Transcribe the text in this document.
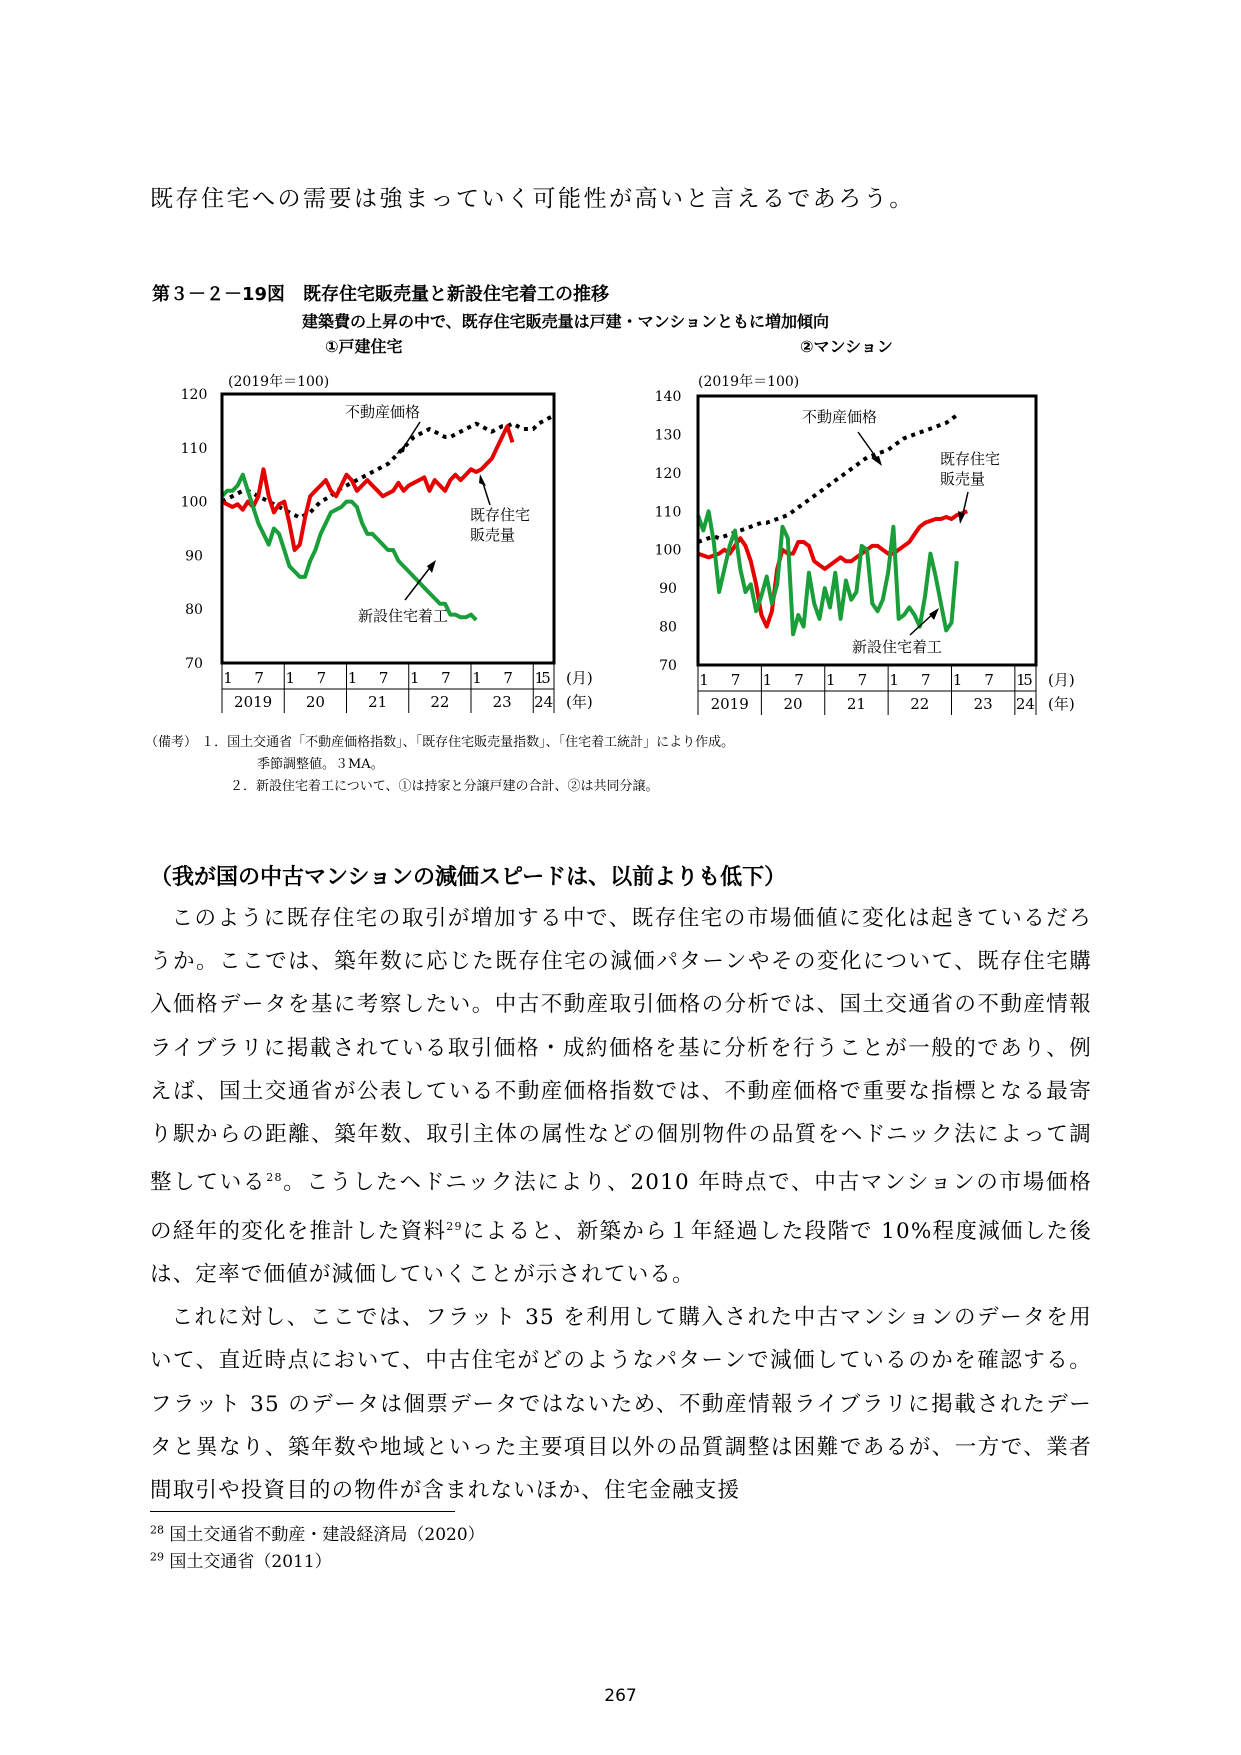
既存住宅への需要は強まっていく可能性が高いと言えるであろう。
第３－２－19図　既存住宅販売量と新設住宅着工の推移
建築費の上昇の中で、既存住宅販売量は戸建・マンションともに増加傾向
①戸建住宅	②マンション
(2019年＝100)
70
80
90
100
110
120
1 7 1 7 1 7 1 7 1 7 1
5
2019 20	21	22	23 24
(月)
(年)
不動産価格
既存住宅
販売量
新設住宅着工
(2019年＝100)
70
80
90
100
110
120
130
140
1 7 1 7 1 7 1 7 1 7 1
5
2019 20	21	22	23 24
(月)
(年)
不動産価格
既存住宅
販売量
新設住宅着工
（備考） １．国土交通省「不動産価格指数」、「既存住宅販売量指数」、「住宅着工統計」により作成。
季節調整値。３MA。
２．新設住宅着工について、①は持家と分譲戸建の合計、②は共同分譲。
（我が国の中古マンションの減価スピードは、以前よりも低下）

このように既存住宅の取引が増加する中で、既存住宅の市場価値に変化は起きているだろうか。ここでは、築年数に応じた既存住宅の減価パターンやその変化について、既存住宅購入価格データを基に考察したい。中古不動産取引価格の分析では、国土交通省の不動産情報ライブラリに掲載されている取引価格・成約価格を基に分析を行うことが一般的であり、例えば、国土交通省が公表している不動産価格指数では、不動産価格で重要な指標となる最寄り駅からの距離、築年数、取引主体の属性などの個別物件の品質をヘドニック法によって調整している$^{28}$。こうしたヘドニック法により、2010 年時点で、中古マンションの市場価格の経年的変化を推計した資料$^{29}$によると、新築から１年経過した段階で 10%程度減価した後は、定率で価値が減価していくことが示されている。

これに対し、ここでは、フラット 35 を利用して購入された中古マンションのデータを用いて、直近時点において、中古住宅がどのようなパターンで減価しているのかを確認する。フラット 35 のデータは個票データではないため、不動産情報ライブラリに掲載されたデータと異なり、築年数や地域といった主要項目以外の品質調整は困難であるが、一方で、業者間取引や投資目的の物件が含まれないほか、住宅金融支援

$^{28}$ 国土交通省不動産・建設経済局（2020）
$^{29}$ 国土交通省（2011）
267
